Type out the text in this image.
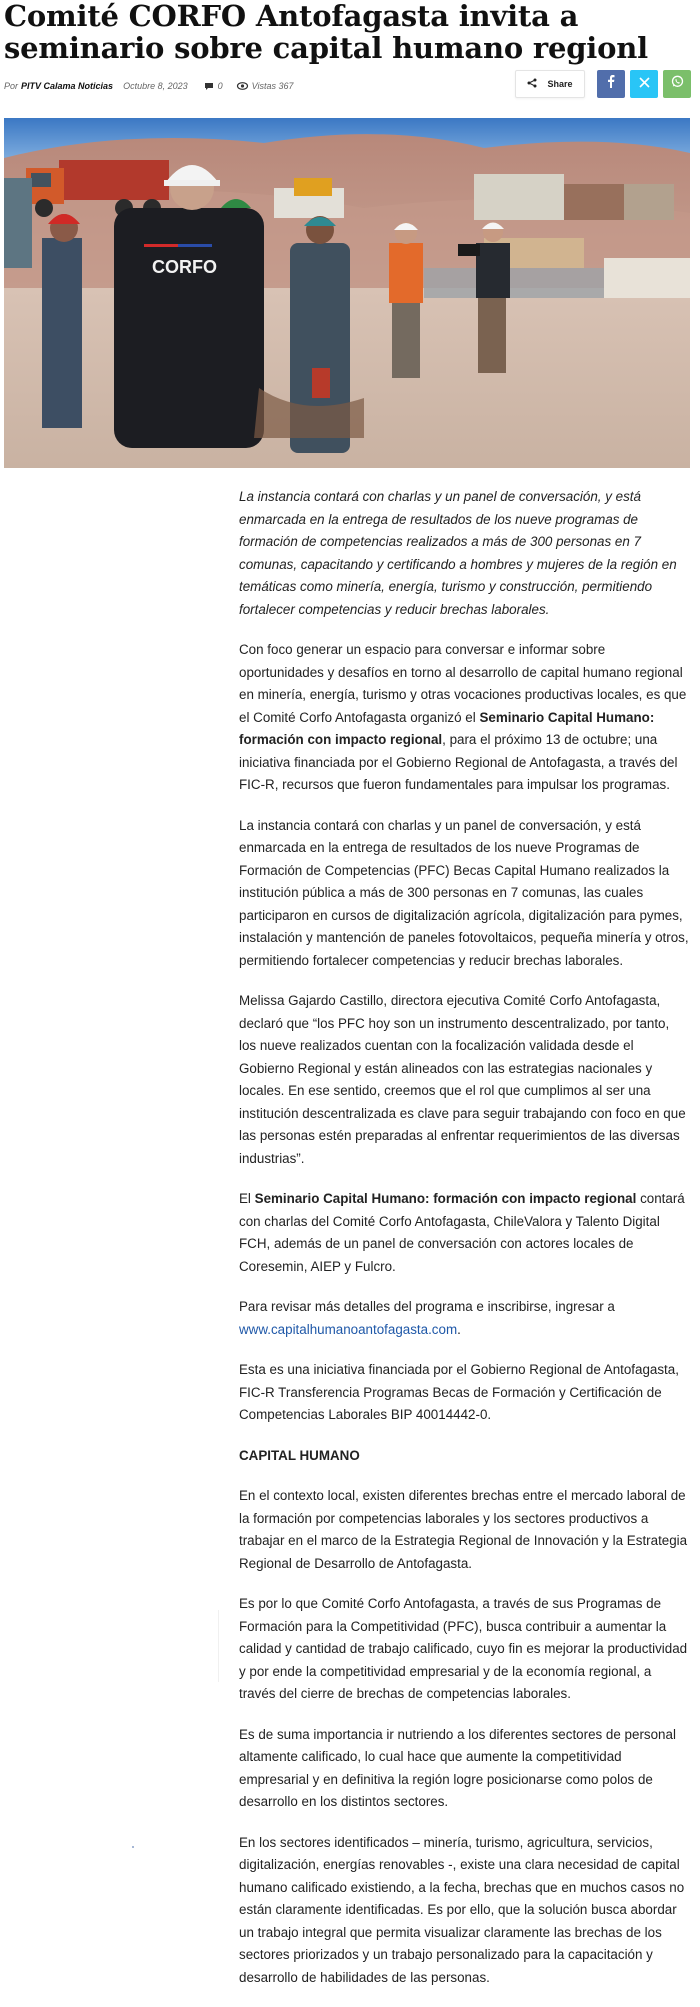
Comité CORFO Antofagasta invita a seminario sobre capital humano regionl
Por PITV Calama Noticias Octubre 8, 2023	0	Vistas 367	Share
CORFO

La instancia contará con charlas y un panel de conversación, y está enmarcada en la entrega de resultados de los nueve programas de formación de competencias realizados a más de 300 personas en 7 comunas, capacitando y certificando a hombres y mujeres de la región en temáticas como minería, energía, turismo y construcción, permitiendo fortalecer competencias y reducir brechas laborales.

Con foco generar un espacio para conversar e informar sobre oportunidades y desafíos en torno al desarrollo de capital humano regional en minería, energía, turismo y otras vocaciones productivas locales, es que el Comité Corfo Antofagasta organizó el Seminario Capital Humano: formación con impacto regional, para el próximo 13 de octubre; una iniciativa financiada por el Gobierno Regional de Antofagasta, a través del FIC-R, recursos que fueron fundamentales para impulsar los programas.

La instancia contará con charlas y un panel de conversación, y está enmarcada en la entrega de resultados de los nueve Programas de Formación de Competencias (PFC) Becas Capital Humano realizados la institución pública a más de 300 personas en 7 comunas, las cuales participaron en cursos de digitalización agrícola, digitalización para pymes, instalación y mantención de paneles fotovoltaicos, pequeña minería y otros, permitiendo fortalecer competencias y reducir brechas laborales.

Melissa Gajardo Castillo, directora ejecutiva Comité Corfo Antofagasta, declaró que “los PFC hoy son un instrumento descentralizado, por tanto, los nueve realizados cuentan con la focalización validada desde el Gobierno Regional y están alineados con las estrategias nacionales y locales. En ese sentido, creemos que el rol que cumplimos al ser una institución descentralizada es clave para seguir trabajando con foco en que las personas estén preparadas al enfrentar requerimientos de las diversas industrias”.

El Seminario Capital Humano: formación con impacto regional contará con charlas del Comité Corfo Antofagasta, ChileValora y Talento Digital FCH, además de un panel de conversación con actores locales de Coresemin, AIEP y Fulcro.

Para revisar más detalles del programa e inscribirse, ingresar a www.capitalhumanoantofagasta.com.

Esta es una iniciativa financiada por el Gobierno Regional de Antofagasta, FIC-R Transferencia Programas Becas de Formación y Certificación de Competencias Laborales BIP 40014442-0.

CAPITAL HUMANO

En el contexto local, existen diferentes brechas entre el mercado laboral de la formación por competencias laborales y los sectores productivos a trabajar en el marco de la Estrategia Regional de Innovación y la Estrategia Regional de Desarrollo de Antofagasta.

Es por lo que Comité Corfo Antofagasta, a través de sus Programas de Formación para la Competitividad (PFC), busca contribuir a aumentar la calidad y cantidad de trabajo calificado, cuyo fin es mejorar la productividad y por ende la competitividad empresarial y de la economía regional, a través del cierre de brechas de competencias laborales.

Es de suma importancia ir nutriendo a los diferentes sectores de personal altamente calificado, lo cual hace que aumente la competitividad empresarial y en definitiva la región logre posicionarse como polos de desarrollo en los distintos sectores.

En los sectores identificados – minería, turismo, agricultura, servicios, digitalización, energías renovables -, existe una clara necesidad de capital humano calificado existiendo, a la fecha, brechas que en muchos casos no están claramente identificadas. Es por ello, que la solución busca abordar un trabajo integral que permita visualizar claramente las brechas de los sectores priorizados y un trabajo personalizado para la capacitación y desarrollo de habilidades de las personas.
